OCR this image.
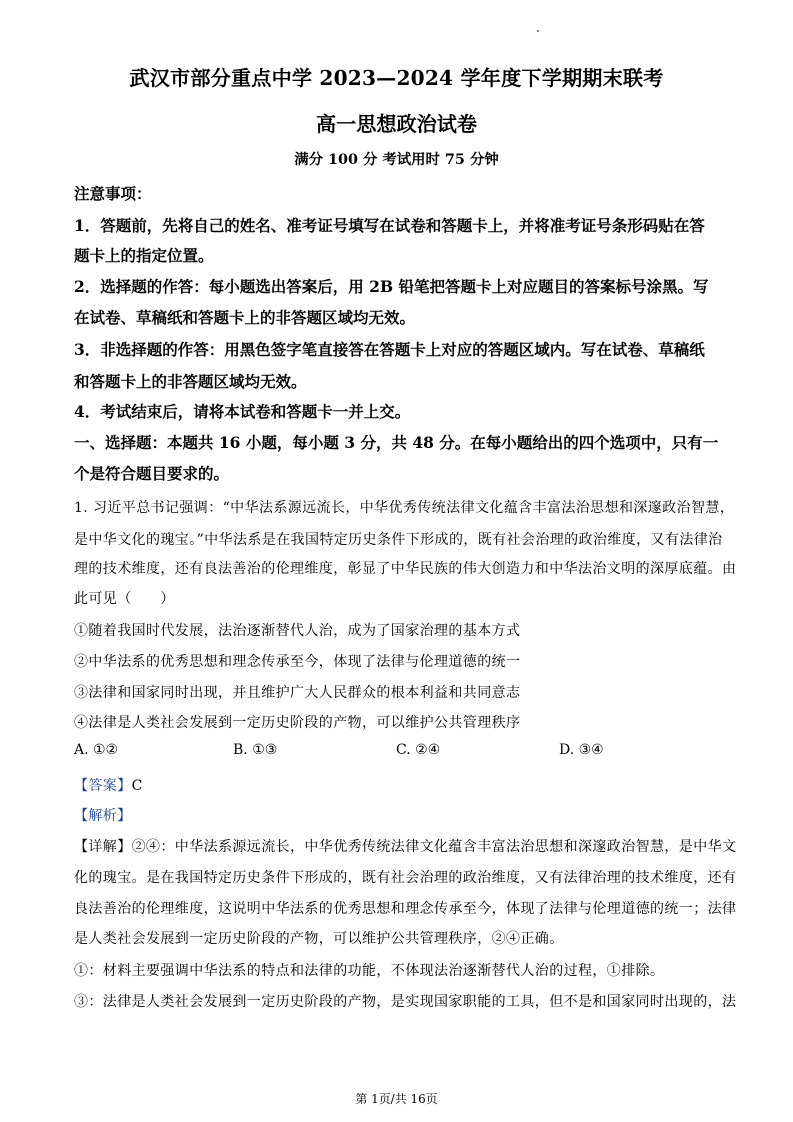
武汉市部分重点中学 2023—2024 学年度下学期期末联考
高一思想政治试卷

满分 100 分 考试用时 75 分钟

注意事项：

1．答题前，先将自己的姓名、准考证号填写在试卷和答题卡上，并将准考证号条形码贴在答

题卡上的指定位置。

2．选择题的作答：每小题选出答案后，用 2B 铅笔把答题卡上对应题目的答案标号涂黑。写

在试卷、草稿纸和答题卡上的非答题区域均无效。

3．非选择题的作答：用黑色签字笔直接答在答题卡上对应的答题区域内。写在试卷、草稿纸

和答题卡上的非答题区域均无效。

4．考试结束后，请将本试卷和答题卡一并上交。

一、选择题：本题共 16 小题，每小题 3 分，共 48 分。在每小题给出的四个选项中，只有一

个是符合题目要求的。

1. 习近平总书记强调：“中华法系源远流长，中华优秀传统法律文化蕴含丰富法治思想和深邃政治智慧，

是中华文化的瑰宝。”中华法系是在我国特定历史条件下形成的，既有社会治理的政治维度，又有法律治

理的技术维度，还有良法善治的伦理维度，彰显了中华民族的伟大创造力和中华法治文明的深厚底蕴。由

此可见（　　）

①随着我国时代发展，法治逐渐替代人治，成为了国家治理的基本方式

②中华法系的优秀思想和理念传承至今，体现了法律与伦理道德的统一

③法律和国家同时出现，并且维护广大人民群众的根本利益和共同意志

④法律是人类社会发展到一定历史阶段的产物，可以维护公共管理秩序

A. ①②	B. ①③	C. ②④	D. ③④

【答案】C

【解析】

【详解】②④：中华法系源远流长，中华优秀传统法律文化蕴含丰富法治思想和深邃政治智慧，是中华文

化的瑰宝。是在我国特定历史条件下形成的，既有社会治理的政治维度，又有法律治理的技术维度，还有

良法善治的伦理维度，这说明中华法系的优秀思想和理念传承至今，体现了法律与伦理道德的统一；法律

是人类社会发展到一定历史阶段的产物，可以维护公共管理秩序，②④正确。

①：材料主要强调中华法系的特点和法律的功能，不体现法治逐渐替代人治的过程，①排除。

③：法律是人类社会发展到一定历史阶段的产物，是实现国家职能的工具，但不是和国家同时出现的，法

第 1页/共 16页
